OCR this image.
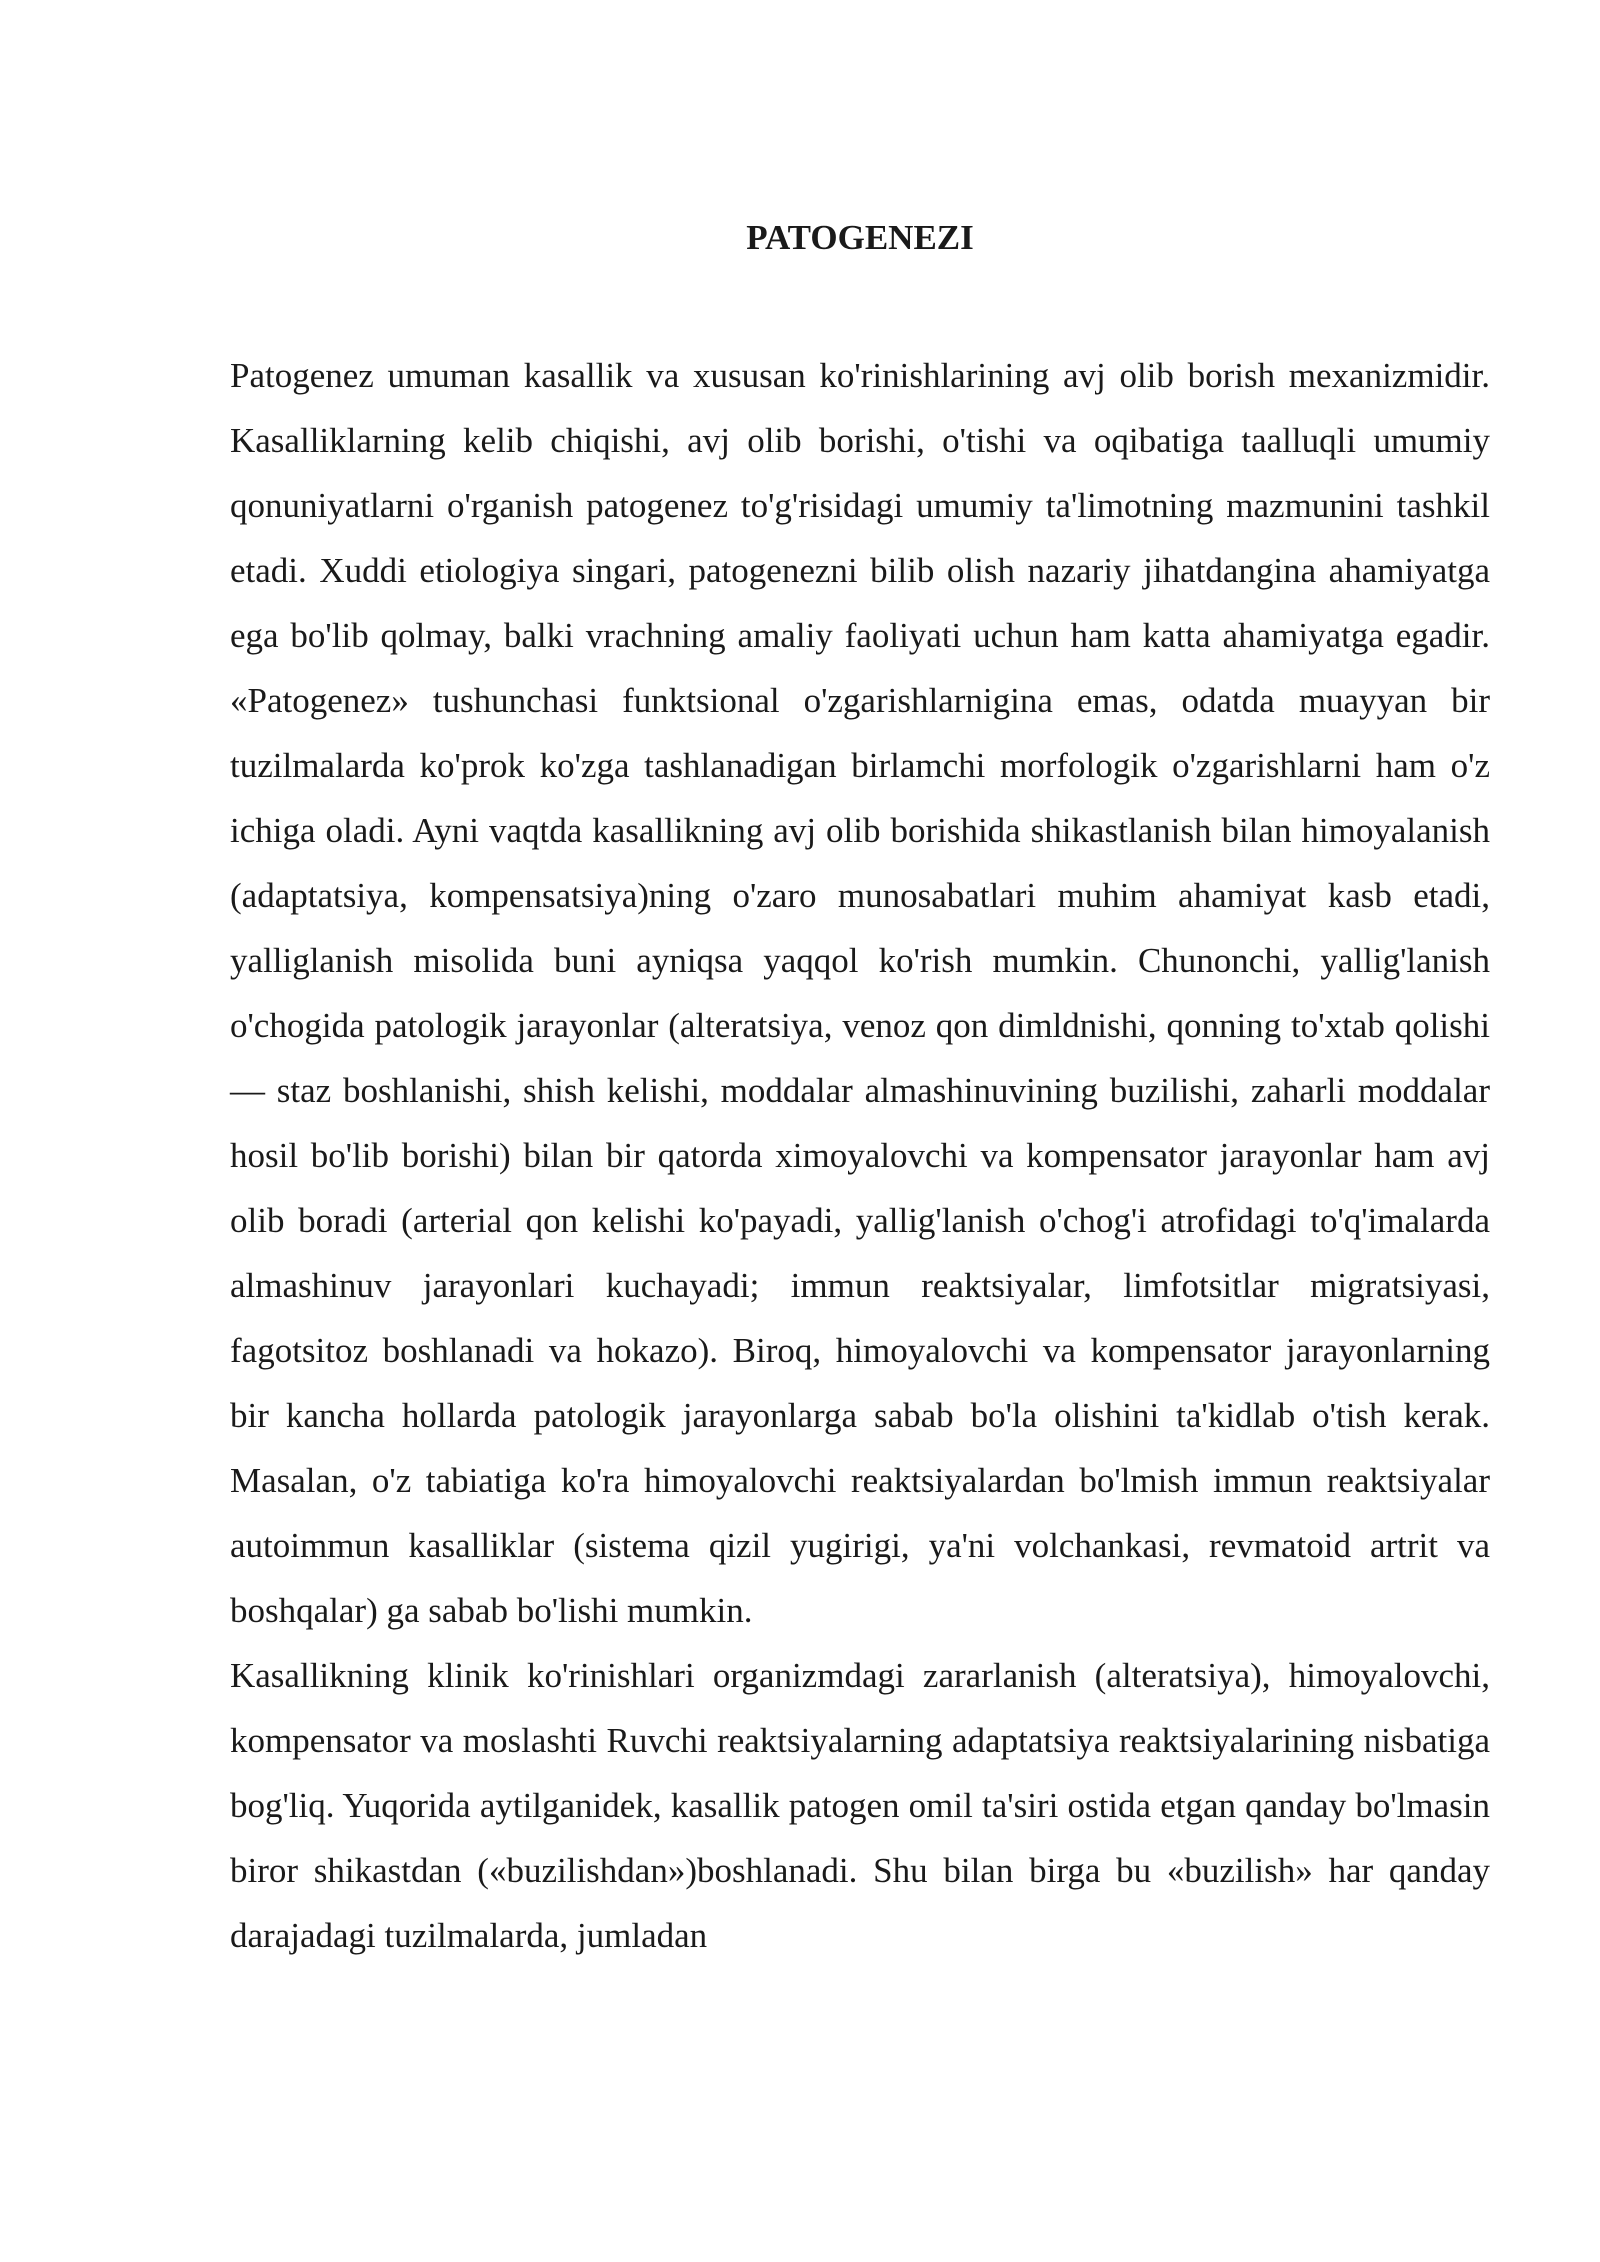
PATOGENEZI

Patogenez umuman kasallik va xususan ko'rinishlarining avj olib borish mexanizmidir. Kasalliklarning kelib chiqishi, avj olib borishi, o'tishi va oqibatiga taalluqli umumiy qonuniyatlarni o'rganish patogenez to'g'risidagi umumiy ta'limotning mazmunini tashkil etadi. Xuddi etiologiya singari, patogenezni bilib olish nazariy jihatdangina ahamiyatga ega bo'lib qolmay, balki vrachning amaliy faoliyati uchun ham katta ahamiyatga egadir. «Patogenez» tushunchasi funktsional o'zgarishlarnigina emas, odatda muayyan bir tuzilmalarda ko'prok ko'zga tashlanadigan birlamchi morfologik o'zgarishlarni ham o'z ichiga oladi. Ayni vaqtda kasallikning avj olib borishida shikastlanish bilan himoyalanish (adaptatsiya, kompensatsiya)ning o'zaro munosabatlari muhim ahamiyat kasb etadi, yalliglanish misolida buni ayniqsa yaqqol ko'rish mumkin. Chunonchi, yallig'lanish o'chogida patologik jarayonlar (alteratsiya, venoz qon dimldnishi, qonning to'xtab qolishi — staz boshlanishi, shish kelishi, moddalar almashinuvining buzilishi, zaharli moddalar hosil bo'lib borishi) bilan bir qatorda ximoyalovchi va kompensator jarayonlar ham avj olib boradi (arterial qon kelishi ko'payadi, yallig'lanish o'chog'i atrofidagi to'q'imalarda almashinuv jarayonlari kuchayadi; immun reaktsiyalar, limfotsitlar migratsiyasi, fagotsitoz boshlanadi va hokazo). Biroq, himoyalovchi va kompensator jarayonlarning bir kancha hollarda patologik jarayonlarga sabab bo'la olishini ta'kidlab o'tish kerak. Masalan, o'z tabiatiga ko'ra himoyalovchi reaktsiyalardan bo'lmish immun reaktsiyalar autoimmun kasalliklar (sistema qizil yugirigi, ya'ni volchankasi, revmatoid artrit va boshqalar) ga sabab bo'lishi mumkin.

Kasallikning klinik ko'rinishlari organizmdagi zararlanish (alteratsiya), himoyalovchi, kompensator va moslashti Ruvchi reaktsiyalarning adaptatsiya reaktsiyalarining nisbatiga bog'liq. Yuqorida aytilganidek, kasallik patogen omil ta'siri ostida etgan qanday bo'lmasin biror shikastdan («buzilishdan»)boshlanadi. Shu bilan birga bu «buzilish» har qanday darajadagi tuzilmalarda, jumladan
